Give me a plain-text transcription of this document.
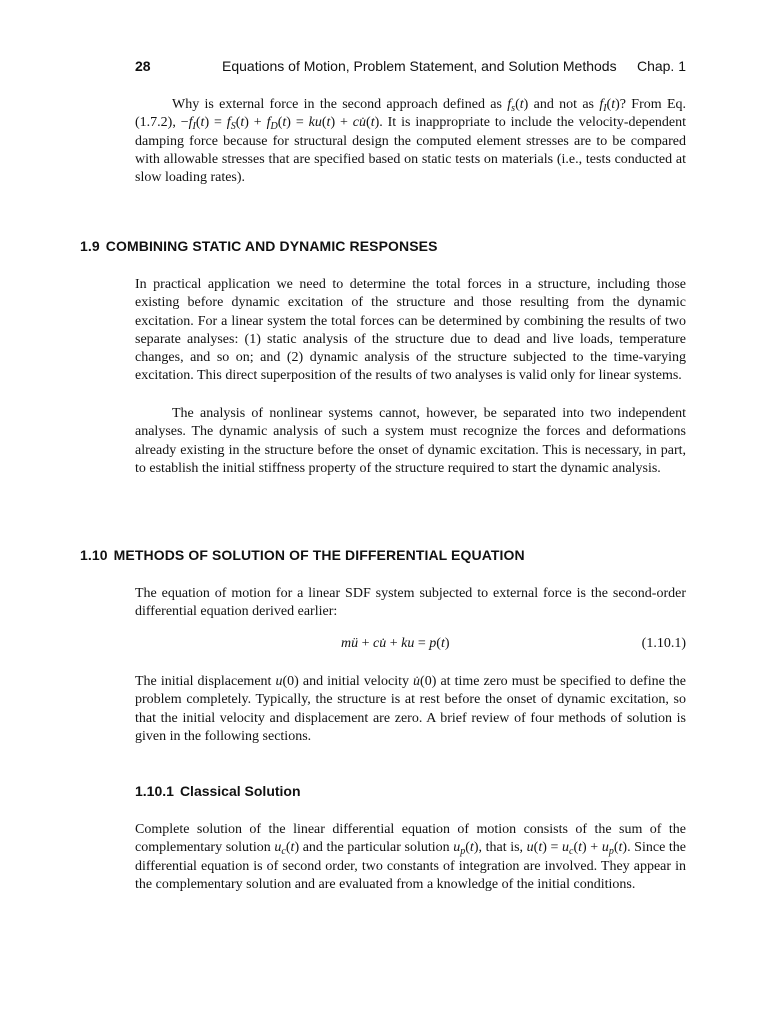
28	Equations of Motion, Problem Statement, and Solution Methods Chap. 1

Why is external force in the second approach defined as $f_s(t)$ and not as $f_I(t)$? From Eq. (1.7.2), $-f_I(t) = f_S(t) + f_D(t) = ku(t)$ + cu̇(t). It is inappropriate to include the velocity-dependent damping force because for structural design the computed element stresses are to be compared with allowable stresses that are specified based on static tests on materials (i.e., tests conducted at slow loading rates).

1.9 COMBINING STATIC AND DYNAMIC RESPONSES

In practical application we need to determine the total forces in a structure, including those existing before dynamic excitation of the structure and those resulting from the dynamic excitation. For a linear system the total forces can be determined by combining the results of two separate analyses: (1) static analysis of the structure due to dead and live loads, temperature changes, and so on; and (2) dynamic analysis of the structure subjected to the time-varying excitation. This direct superposition of the results of two analyses is valid only for linear systems.

The analysis of nonlinear systems cannot, however, be separated into two independent analyses. The dynamic analysis of such a system must recognize the forces and deformations already existing in the structure before the onset of dynamic excitation. This is necessary, in part, to establish the initial stiffness property of the structure required to start the dynamic analysis.

1.10 METHODS OF SOLUTION OF THE DIFFERENTIAL EQUATION

The equation of motion for a linear SDF system subjected to external force is the second-order differential equation derived earlier:

mü + cu̇ + ku = p(t)	(1.10.1)

The initial displacement u(0) and initial velocity u̇(0) at time zero must be specified to define the problem completely. Typically, the structure is at rest before the onset of dynamic excitation, so that the initial velocity and displacement are zero. A brief review of four methods of solution is given in the following sections.

1.10.1 Classical Solution

Complete solution of the linear differential equation of motion consists of the sum of the complementary solution $u_c(t)$ and the particular solution $u_p(t)$, that is, $u(t) = u_c(t) + u_p(t)$. Since the differential equation is of second order, two constants of integration are involved. They appear in the complementary solution and are evaluated from a knowledge of the initial conditions.
